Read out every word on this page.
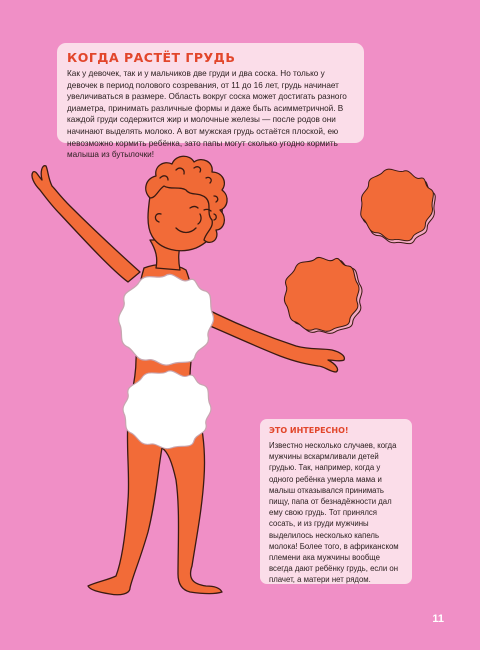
КОГДА РАСТЁТ ГРУДЬ

Как у девочек, так и у мальчиков две груди и два соска. Но только у девочек в период полового созревания, от 11 до 16 лет, грудь начинает увеличиваться в размере. Область вокруг соска может достигать разного диаметра, принимать различные формы и даже быть асимметричной. В каждой груди содержится жир и молочные железы — после родов они начинают выделять молоко. А вот мужская грудь остаётся плоской, ею невозможно кормить ребёнка, зато папы могут сколько угодно кормить малыша из бутылочки!

ЭТО ИНТЕРЕСНО!

Известно несколько случаев, когда мужчины вскармливали детей грудью. Так, например, когда у одного ребёнка умерла мама и малыш отказывался принимать пищу, папа от безнадёжности дал ему свою грудь. Тот принялся сосать, и из груди мужчины выделилось несколько капель молока! Более того, в африканском племени ака мужчины вообще всегда дают ребёнку грудь, если он плачет, а матери нет рядом.

11
